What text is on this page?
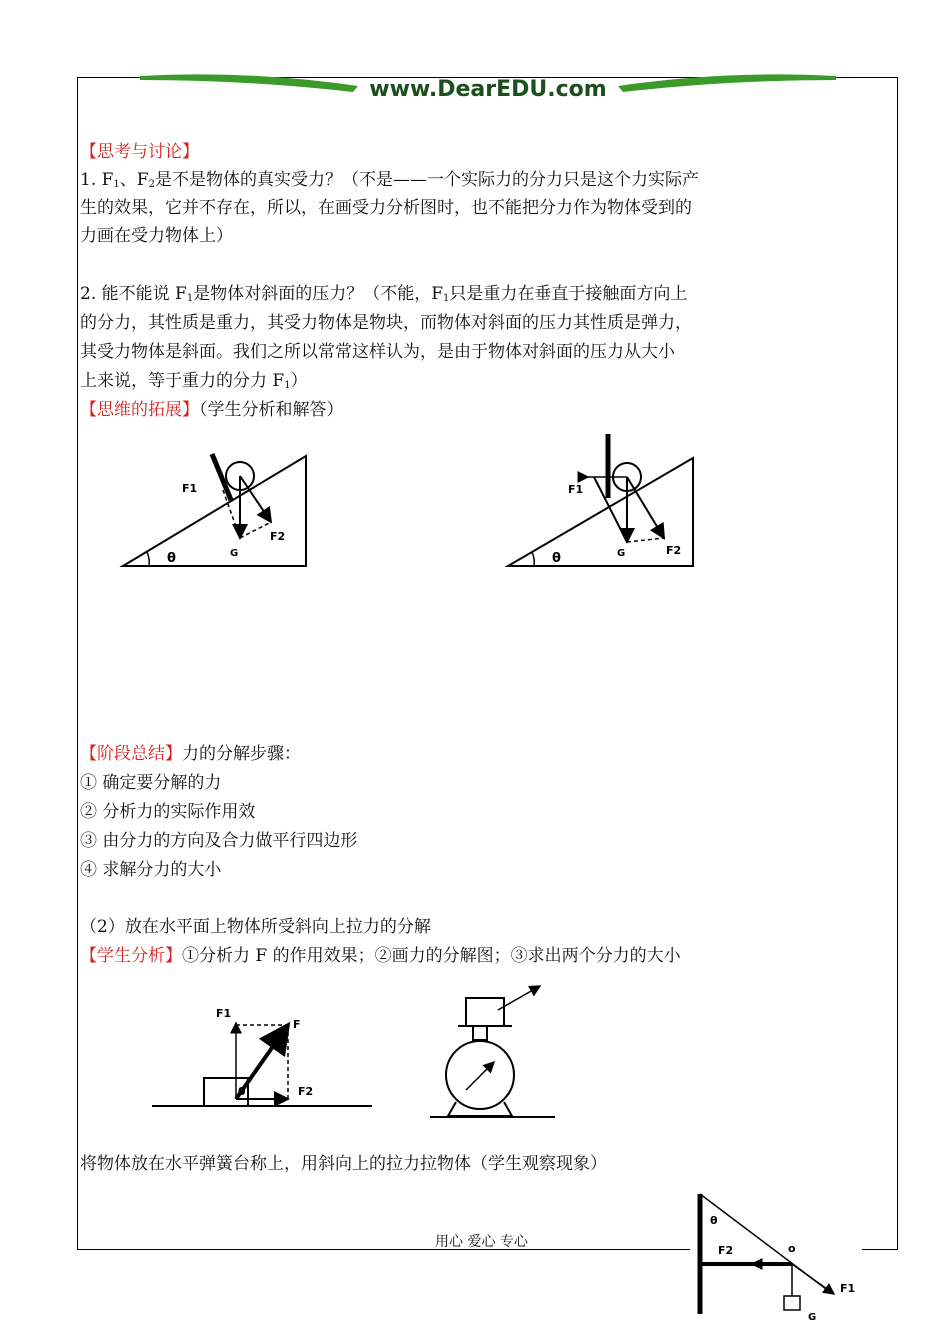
www.DearEDU.com
【思考与讨论】
1. $F_1$、$F_2$是不是物体的真实受力？（不是——一个实际力的分力只是这个力实际产
生的效果，它并不存在，所以，在画受力分析图时，也不能把分力作为物体受到的
力画在受力物体上）
2. 能不能说 $F_1$是物体对斜面的压力？（不能，$F_1$只是重力在垂直于接触面方向上
的分力，其性质是重力，其受力物体是物块，而物体对斜面的压力其性质是弹力，
其受力物体是斜面。我们之所以常常这样认为，是由于物体对斜面的压力从大小
上来说，等于重力的分力 $F_1$）
【思维的拓展】（学生分析和解答）
F1
F2
G
θ
F1
F2
G
θ
【阶段总结】力的分解步骤：
① 确定要分解的力
② 分析力的实际作用效
③ 由分力的方向及合力做平行四边形
④ 求解分力的大小
（2）放在水平面上物体所受斜向上拉力的分解
【学生分析】①分析力 F 的作用效果；②画力的分解图；③求出两个分力的大小
F1
F
F2
θ
将物体放在水平弹簧台称上，用斜向上的拉力拉物体（学生观察现象）
θ
F2	o
F1
G
用心 爱心 专心
